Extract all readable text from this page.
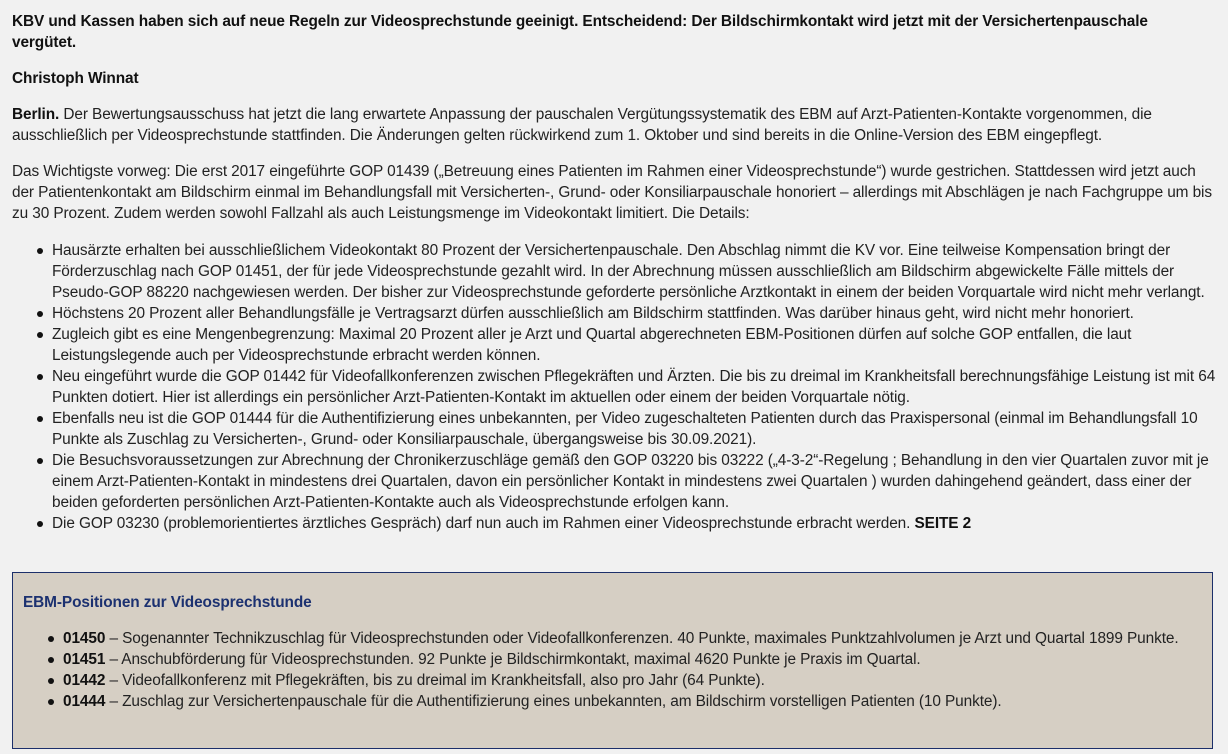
KBV und Kassen haben sich auf neue Regeln zur Videosprechstunde geeinigt. Entscheidend: Der Bildschirmkontakt wird jetzt mit der Versichertenpauschale vergütet.
Christoph Winnat

Berlin. Der Bewertungsausschuss hat jetzt die lang erwartete Anpassung der pauschalen Vergütungssystematik des EBM auf Arzt-Patienten-Kontakte vorgenommen, die ausschließlich per Videosprechstunde stattfinden. Die Änderungen gelten rückwirkend zum 1. Oktober und sind bereits in die Online-Version des EBM eingepflegt.

Das Wichtigste vorweg: Die erst 2017 eingeführte GOP 01439 („Betreuung eines Patienten im Rahmen einer Videosprechstunde“) wurde gestrichen. Stattdessen wird jetzt auch der Patientenkontakt am Bildschirm einmal im Behandlungsfall mit Versicherten-, Grund- oder Konsiliarpauschale honoriert – allerdings mit Abschlägen je nach Fachgruppe um bis zu 30 Prozent. Zudem werden sowohl Fallzahl als auch Leistungsmenge im Videokontakt limitiert. Die Details:

Hausärzte erhalten bei ausschließlichem Videokontakt 80 Prozent der Versichertenpauschale. Den Abschlag nimmt die KV vor. Eine teilweise Kompensation bringt der Förderzuschlag nach GOP 01451, der für jede Videosprechstunde gezahlt wird. In der Abrechnung müssen ausschließlich am Bildschirm abgewickelte Fälle mittels der Pseudo-GOP 88220 nachgewiesen werden. Der bisher zur Videosprechstunde geforderte persönliche Arztkontakt in einem der beiden Vorquartale wird nicht mehr verlangt.
Höchstens 20 Prozent aller Behandlungsfälle je Vertragsarzt dürfen ausschließlich am Bildschirm stattfinden. Was darüber hinaus geht, wird nicht mehr honoriert.
Zugleich gibt es eine Mengenbegrenzung: Maximal 20 Prozent aller je Arzt und Quartal abgerechneten EBM-Positionen dürfen auf solche GOP entfallen, die laut Leistungslegende auch per Videosprechstunde erbracht werden können.
Neu eingeführt wurde die GOP 01442 für Videofallkonferenzen zwischen Pflegekräften und Ärzten. Die bis zu dreimal im Krankheitsfall berechnungsfähige Leistung ist mit 64 Punkten dotiert. Hier ist allerdings ein persönlicher Arzt-Patienten-Kontakt im aktuellen oder einem der beiden Vorquartale nötig.
Ebenfalls neu ist die GOP 01444 für die Authentifizierung eines unbekannten, per Video zugeschalteten Patienten durch das Praxispersonal (einmal im Behandlungsfall 10 Punkte als Zuschlag zu Versicherten-, Grund- oder Konsiliarpauschale, übergangsweise bis 30.09.2021).
Die Besuchsvoraussetzungen zur Abrechnung der Chronikerzuschläge gemäß den GOP 03220 bis 03222 („4-3-2“-Regelung ; Behandlung in den vier Quartalen zuvor mit je einem Arzt-Patienten-Kontakt in mindestens drei Quartalen, davon ein persönlicher Kontakt in mindestens zwei Quartalen ) wurden dahingehend geändert, dass einer der beiden geforderten persönlichen Arzt-Patienten-Kontakte auch als Videosprechstunde erfolgen kann.
Die GOP 03230 (problemorientiertes ärztliches Gespräch) darf nun auch im Rahmen einer Videosprechstunde erbracht werden. SEITE 2
EBM-Positionen zur Videosprechstunde
01450 – Sogenannter Technikzuschlag für Videosprechstunden oder Videofallkonferenzen. 40 Punkte, maximales Punktzahlvolumen je Arzt und Quartal 1899 Punkte.
01451 – Anschubförderung für Videosprechstunden. 92 Punkte je Bildschirmkontakt, maximal 4620 Punkte je Praxis im Quartal.
01442 – Videofallkonferenz mit Pflegekräften, bis zu dreimal im Krankheitsfall, also pro Jahr (64 Punkte).
01444 – Zuschlag zur Versichertenpauschale für die Authentifizierung eines unbekannten, am Bildschirm vorstelligen Patienten (10 Punkte).
